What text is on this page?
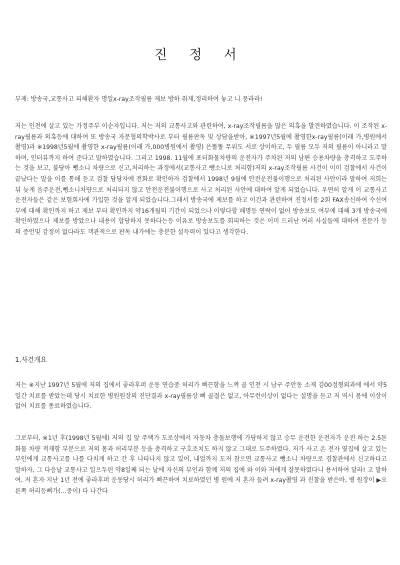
진 정 서
부제: 방송국,교통사고 피해환자 명일x-ray조작필름 제보 방하 취재,정리하여 놓고 니 뭉라라!
저는 인천에 살고 있는 가정주부 이순자입니다. 저는 저의 교통사고와 관련하여, x-ray조작필름을 많은 의혹을 발견하였습니다. 이 조작된 x-ray필름과 의혹등에 대하여 또 방송국 자문협의학박사로 부터 필름판독 및 상담을받아, ※1997년5월에 촬영한x-ray필름(이래 가,병원에서 촬영)과 ※1998년5월에 촬영한 x-ray필름(이래 가,000병원에서 촬영) 은똘똘 무위도 서로 상이하고, 두 필름 모두 저의 필름이 아니라고 말하며, 인터뷰까지 하여 준다고 말하였습니다. 그리고 1998. 11월에 포터화물차량의 운전자가 주차된 저의 남편 승용차량을 충격하고 도주하는 것을 보고, 불당아 뺑소니 차량으로 신고,처리하는 과정에서(교통사고 뺑소니로 처리함)저의 x-ray조작필름 사건이 이미 검찰에서 사건이 끝났다는 말을 이를 통해 듣고 검찰 담당자에 전화로 확인하자 검찰에서 1998년 9월에 안전운전불이행으로 처리된 사안이라 말하여 저희는 뒤 늦게 음주운전,뺑소니차량으로 처리되지 않고 안전운전불이행으로 사고 처리된 사안에 대하여 알게 되었습니다. 우연히 알게 이 교통사고 운전자들은 같은 보험회사에 가입한 것을 알게 되었습니다.그래서 방송국에 제보를 하고 이건과 관련하여 진정서를 2회 FAX송신하여 수신여부에 대해 확인까지 하고 제보 부터 확인까지 약16개월의 기간이 되었으나 이렇다할 해명등 연락이 없어 방송보도 여부에 대해 3개 방송국에 확인하였으나 제보를 방았으나 내용이 합당하지 못하다는등 이유로 방송보도를 회피하는 것은 이미 드러난 여러 사실들에 대하여 전문가 등의 증언및 감정이 없다라도 객관적으로 판독 내가에는 충분한 설득력이 있다고 생각한다.
1.사건개요
저는 ※지난 1997년 5월에 저의 집에서 좋라후퍼 운동 연습중 허리가 삐끈함을 느껴 골 인천 시 남구 주안동 소재 김00정형외과에 에서 약5일간 치료를 받았는데 당시 치료한 병원원장의 진단결과 x-ray필름상 뼈 골절은 없고, 아무런이상이 없다는 설명을 듣고 저 역시 몸에 이상이 없어 치료를 종료하였습니다.
그로부터, ※1년 후(1998년 5월에) 저의 집 앞 주택가 도로상에서 자동차 충돌보행에 가당하지 않고 승무 운전한 운전자가 운전 하는 2.5톤화물 차량 적재함 부분으로 저의 몸과 허리부분 등을 충격하고 구호조치도 하지 않고 그대로 도주하였다. 저가 사고 온 전자 옆집에 살고 있는 부인에게 교통사고를 나를 다치게 하고 간 후 나타나지 않고 있어, 내얼까지 도저 참으면 교통사고 뺑소니 차량으로 경찰관에서 신고하다고 말하자, 그 다음날 교통사고 일으두린 약8일째 되는 날에 자신의 부인과 함께 저의 집에 와 이와 저에게 잘못하였다니 용서하여 달라! 고 말하여, 저 혼자 지난 1년 전에 좋라후퍼 운동당시 허리가 삐끈하여 치료하였던 병 원에 저 혼자 들려 x-ray촬영 과 진찰을 받은바, 병 원장이 ▶오른쪽 허리등뼈가(...중이) 다 나간다
